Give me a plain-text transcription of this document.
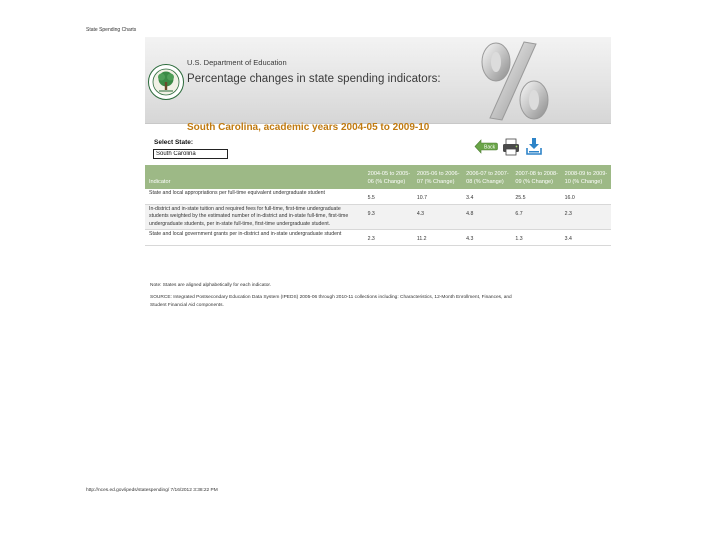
State Spending Charts
U.S. Department of Education
Percentage changes in state spending indicators:
South Carolina, academic years 2004-05 to 2009-10
Select State:
South Carolina
Back
Indicator	2004-05 to 2005-06 (% Change)	2005-06 to 2006-07 (% Change)	2006-07 to 2007-08 (% Change)	2007-08 to 2008-09 (% Change)	2008-09 to 2009-10 (% Change)
State and local appropriations per full-time equivalent undergraduate student	5.5	10.7	3.4	25.5	16.0
In-district and in-state tuition and required fees for full-time, first-time undergraduate students weighted by the estimated number of in-district and in-state full-time, first-time undergraduate students, per in-state full-time, first-time undergraduate student.	9.3	4.3	4.8	6.7	2.3
State and local government grants per in-district and in-state undergraduate student	2.3	11.2	4.3	1.3	3.4
Note: States are aligned alphabetically for each indicator.
SOURCE: Integrated Postsecondary Education Data System (IPEDS) 2005-06 through 2010-11 collections including: Characteristics, 12-Month Enrollment, Finances, and Student Financial Aid components.
http://nces.ed.gov/ipeds/statespending/ 7/16/2012 3:38:22 PM
